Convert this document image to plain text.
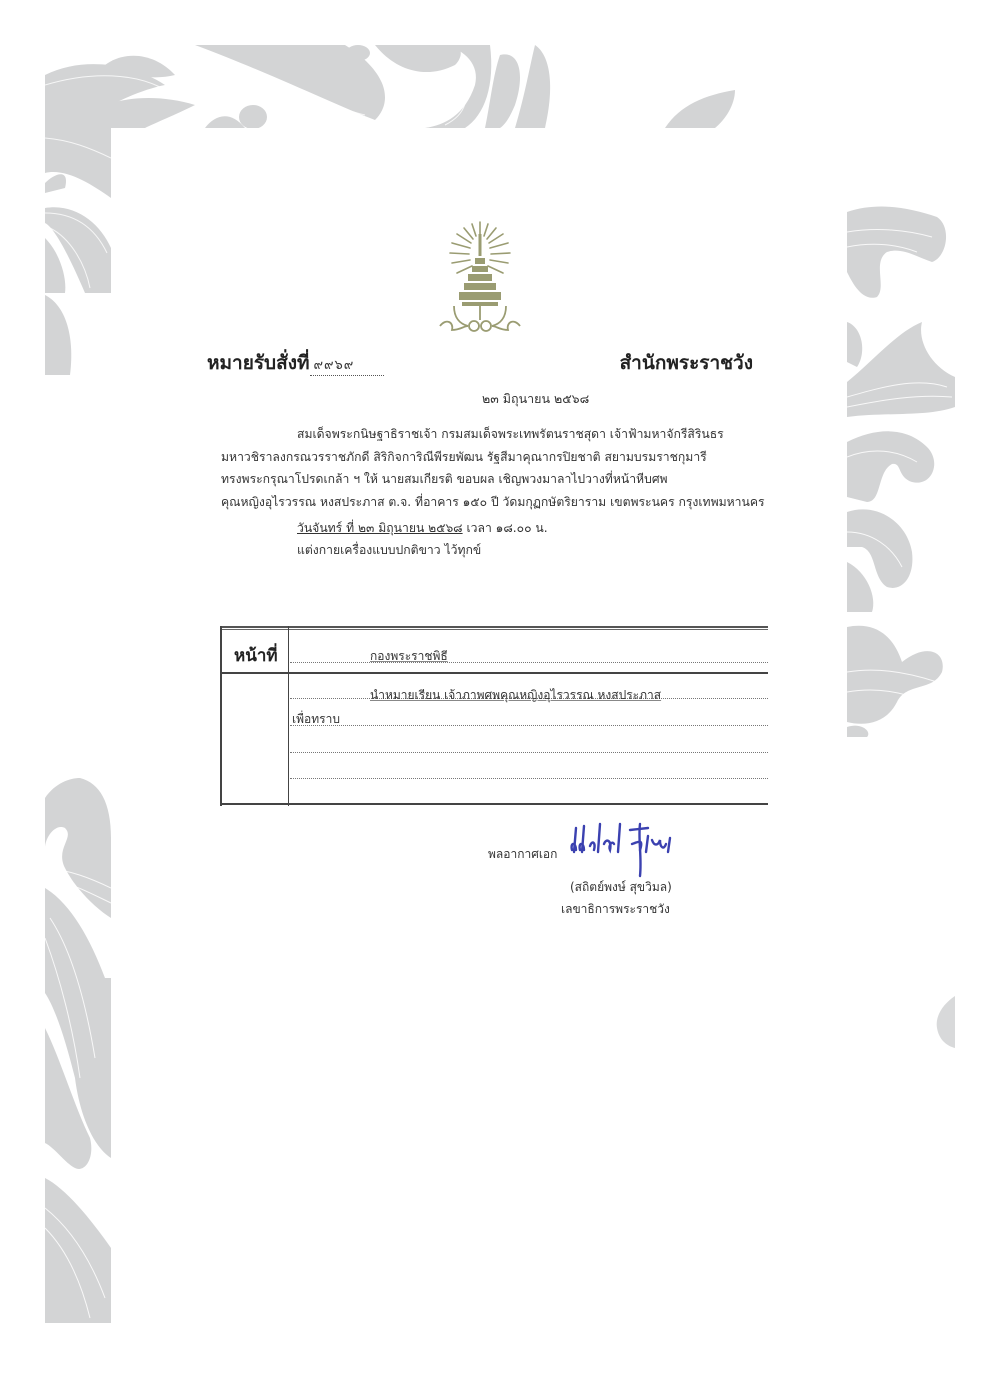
หมายรับสั่งที่ ๙๙๖๙	สำนักพระราชวัง
๒๓ มิถุนายน ๒๕๖๘

สมเด็จพระกนิษฐาธิราชเจ้า กรมสมเด็จพระเทพรัตนราชสุดา เจ้าฟ้ามหาจักรีสิรินธร

มหาวชิราลงกรณวรราชภักดี สิริกิจการิณีพีรยพัฒน รัฐสีมาคุณากรปิยชาติ สยามบรมราชกุมารี

ทรงพระกรุณาโปรดเกล้า ฯ ให้ นายสมเกียรติ ขอบผล เชิญพวงมาลาไปวางที่หน้าหีบศพ

คุณหญิงอุไรวรรณ หงสประภาส ต.จ. ที่อาคาร ๑๕๐ ปี วัดมกุฏกษัตริยาราม เขตพระนคร กรุงเทพมหานคร

วันจันทร์ ที่ ๒๓ มิถุนายน ๒๕๖๘ เวลา ๑๘.๐๐ น.

แต่งกายเครื่องแบบปกติขาว ไว้ทุกข์

หน้าที่	กองพระราชพิธี
นำหมายเรียน เจ้าภาพศพคุณหญิงอุไรวรรณ หงสประภาส
เพื่อทราบ
พลอากาศเอก
(สถิตย์พงษ์ สุขวิมล)
เลขาธิการพระราชวัง
